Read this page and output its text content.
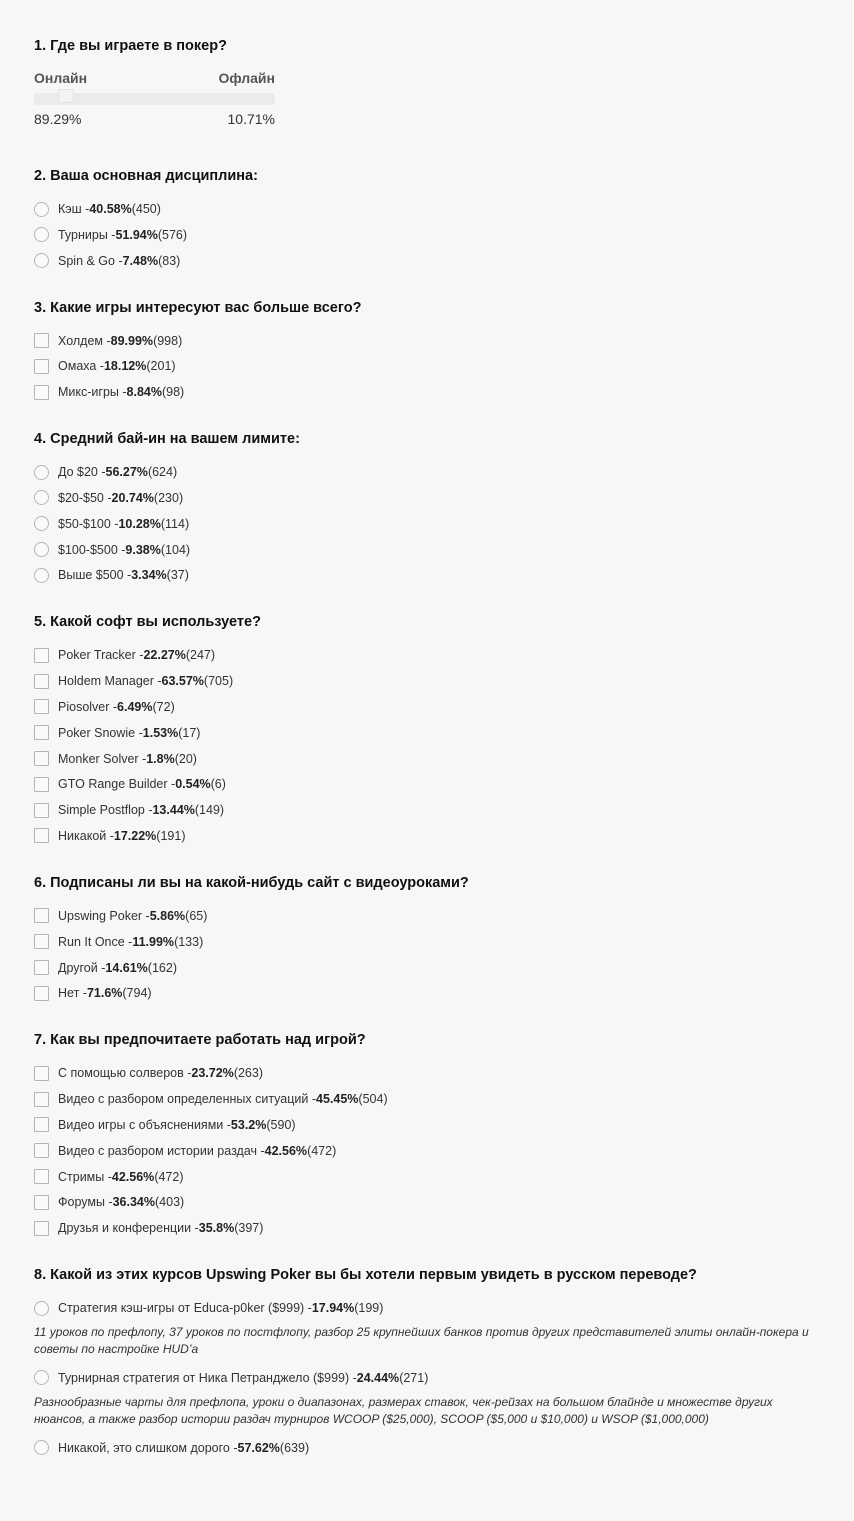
1. Где вы играете в покер?
Онлайн	Офлайн
89.29%	10.71%
2. Ваша основная дисциплина:
Кэш - 40.58% (450)
Турниры - 51.94% (576)
Spin & Go - 7.48% (83)
3. Какие игры интересуют вас больше всего?
Холдем - 89.99% (998)
Омаха - 18.12% (201)
Микс-игры - 8.84% (98)
4. Средний бай-ин на вашем лимите:
До $20 - 56.27% (624)
$20-$50 - 20.74% (230)
$50-$100 - 10.28% (114)
$100-$500 - 9.38% (104)
Выше $500 - 3.34% (37)
5. Какой софт вы используете?
Poker Tracker - 22.27% (247)
Holdem Manager - 63.57% (705)
Piosolver - 6.49% (72)
Poker Snowie - 1.53% (17)
Monker Solver - 1.8% (20)
GTO Range Builder - 0.54% (6)
Simple Postflop - 13.44% (149)
Никакой - 17.22% (191)
6. Подписаны ли вы на какой-нибудь сайт с видеоуроками?
Upswing Poker - 5.86% (65)
Run It Once - 11.99% (133)
Другой - 14.61% (162)
Нет - 71.6% (794)
7. Как вы предпочитаете работать над игрой?
С помощью солверов - 23.72% (263)
Видео с разбором определенных ситуаций - 45.45% (504)
Видео игры с объяснениями - 53.2% (590)
Видео с разбором истории раздач - 42.56% (472)
Стримы - 42.56% (472)
Форумы - 36.34% (403)
Друзья и конференции - 35.8% (397)
8. Какой из этих курсов Upswing Poker вы бы хотели первым увидеть в русском переводе?
Стратегия кэш-игры от Educa-p0ker ($999) - 17.94% (199)
11 уроков по префлопу, 37 уроков по постфлопу, разбор 25 крупнейших банков против других представителей элиты онлайн-покера и советы по настройке HUD’a
Турнирная стратегия от Ника Петранджело ($999) - 24.44% (271)
Разнообразные чарты для префлопа, уроки о диапазонах, размерах ставок, чек-рейзах на большом блайнде и множестве других нюансов, а также разбор истории раздач турниров WCOOP ($25,000), SCOOP ($5,000 и $10,000) и WSOP ($1,000,000)
Никакой, это слишком дорого - 57.62% (639)
